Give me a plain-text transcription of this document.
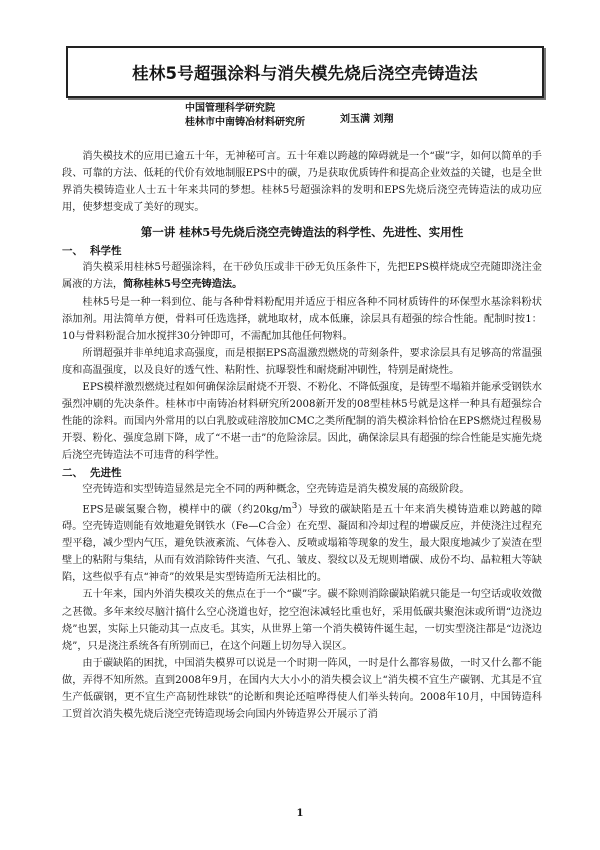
桂林5号超强涂料与消失模先烧后浇空壳铸造法
中国管理科学研究院
桂林市中南铸冶材料研究所	刘玉满 刘翔

消失模技术的应用已逾五十年，无神秘可言。五十年难以跨越的障碍就是一个“碳”字，如何以简单的手段、可靠的方法、低耗的代价有效地制服EPS中的碳，乃是获取优质铸件和提高企业效益的关键，也是全世界消失模铸造业人士五十年来共同的梦想。桂林5号超强涂料的发明和EPS先烧后浇空壳铸造法的成功应用，使梦想变成了美好的现实。

第一讲 桂林5号先烧后浇空壳铸造法的科学性、先进性、实用性
一、 科学性

消失模采用桂林5号超强涂料，在干砂负压或非干砂无负压条件下，先把EPS模样烧成空壳随即浇注金属液的方法，简称桂林5号空壳铸造法。

桂林5号是一种一料到位、能与各种骨料粉配用并适应于相应各种不同材质铸件的环保型水基涂料粉状添加剂。用法简单方便，骨料可任选选择，就地取材，成本低廉，涂层具有超强的综合性能。配制时按1：10与骨料粉混合加水搅拌30分钟即可，不需配加其他任何物料。

所谓超强并非单纯追求高强度，而是根据EPS高温激烈燃烧的苛刻条件，要求涂层具有足够高的常温强度和高温强度，以及良好的透气性、粘附性、抗曝裂性和耐烧耐冲刷性，特别是耐烧性。

EPS模样激烈燃烧过程如何确保涂层耐烧不开裂、不粉化、不降低强度，是铸型不塌箱并能承受钢铁水强烈冲刷的先决条件。桂林市中南铸冶材料研究所2008新开发的08型桂林5号就是这样一种具有超强综合性能的涂料。而国内外常用的以白乳胶或硅溶胶加CMC之类所配制的消失模涂料恰恰在EPS燃烧过程极易开裂、粉化、强度急剧下降，成了“不堪一击”的危险涂层。因此，确保涂层具有超强的综合性能是实施先烧后浇空壳铸造法不可违背的科学性。

二、 先进性

空壳铸造和实型铸造显然是完全不同的两种概念，空壳铸造是消失模发展的高级阶段。

EPS是碳氢聚合物，模样中的碳（约$20kg/m^3$）导致的碳缺陷是五十年来消失模铸造难以跨越的障碍。空壳铸造则能有效地避免钢铁水（Fe—C合金）在充型、凝固和冷却过程的增碳反应，并使浇注过程充型平稳，减少型内气压，避免铁液紊流、气体卷入、反喷或塌箱等现象的发生，最大限度地减少了炭渣在型壁上的粘附与集结，从而有效消除铸件夹渣、气孔、皱皮、裂纹以及无规则增碳、成份不均、晶粒粗大等缺陷，这些似乎有点“神奇”的效果是实型铸造所无法相比的。

五十年来，国内外消失模攻关的焦点在于一个“碳”字。碳不除则消除碳缺陷就只能是一句空话或收效微之甚微。多年来绞尽脑汁搞什么空心浇道也好，挖空泡沫减轻比重也好，采用低碳共聚泡沫或所谓“边浇边烧”也罢，实际上只能动其一点皮毛。其实，从世界上第一个消失模铸件诞生起，一切实型浇注都是“边浇边烧”，只是浇注系统各有所别而已，在这个问题上切勿导入误区。

由于碳缺陷的困扰，中国消失模界可以说是一个时期一阵风，一时是什么都容易做，一时又什么都不能做，弄得不知所然。直到2008年9月，在国内大大小小的消失模会议上“消失模不宜生产碳钢、尤其是不宜生产低碳钢，更不宜生产高韧性球铁”的论断和舆论还喧哗得使人们举头转向。2008年10月，中国铸造科工贸首次消失模先烧后浇空壳铸造现场会向国内外铸造界公开展示了消

1
